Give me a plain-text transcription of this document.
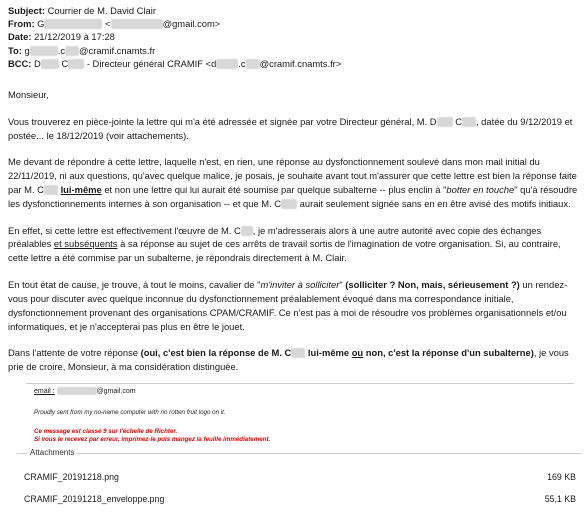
Subject: Courrier de M. David Clair
From: G	<	@gmail.com>
Date: 21/12/2019 à 17:28
To: g	.c @cramif.cnamts.fr
BCC: D C - Directeur général CRAMIF <d .c @cramif.cnamts.fr>

Monsieur,

Vous trouverez en pièce-jointe la lettre qui m'a été adressée et signée par votre Directeur général, M. D C , datée du 9/12/2019 et postée... le 18/12/2019 (voir attachements).

Me devant de répondre à cette lettre, laquelle n'est, en rien, une réponse au dysfonctionnement soulevé dans mon mail initial du 22/11/2019, ni aux questions, qu'avec quelque malice, je posais, je souhaite avant tout m'assurer que cette lettre est bien la réponse faite par M. C lui-même et non une lettre qui lui aurait été soumise par quelque subalterne -- plus enclin à "botter en touche" qu'à résoudre les dysfonctionnements internes à son organisation -- et que M. C aurait seulement signée sans en en être avisé des motifs initiaux.

En effet, si cette lettre est effectivement l'œuvre de M. C , je m'adresserais alors à une autre autorité avec copie des échanges préalables et subséquents à sa réponse au sujet de ces arrêts de travail sortis de l'imagination de votre organisation. Si, au contraire, cette lettre a été commise par un subalterne, je répondrais directement à M. Clair.

En tout état de cause, je trouve, à tout le moins, cavalier de "m'inviter à solliciter" (solliciter ? Non, mais, sérieusement ?) un rendez-vous pour discuter avec quelque inconnue du dysfonctionnement préalablement évoqué dans ma correspondance initiale, dysfonctionnement provenant des organisations CPAM/CRAMIF. Ce n'est pas à moi de résoudre vos problèmes organisationnels et/ou informatiques, et je n'accepterai pas plus en être le jouet.

Dans l'attente de votre réponse (oui, c'est bien la réponse de M. C lui-même ou non, c'est la réponse d'un subalterne), je vous prie de croire, Monsieur, à ma considération distinguée.

email :	@gmail.com
Proudly sent from my no-name computer with no rotten fruit logo on it.
Ce message est classé 9 sur l'échelle de Richter.
Si vous le recevez par erreur, imprimez-le puis mangez la feuille immédiatement.
Attachments
CRAMIF_20191218.png	169 KB
CRAMIF_20191218_enveloppe.png	55,1 KB
